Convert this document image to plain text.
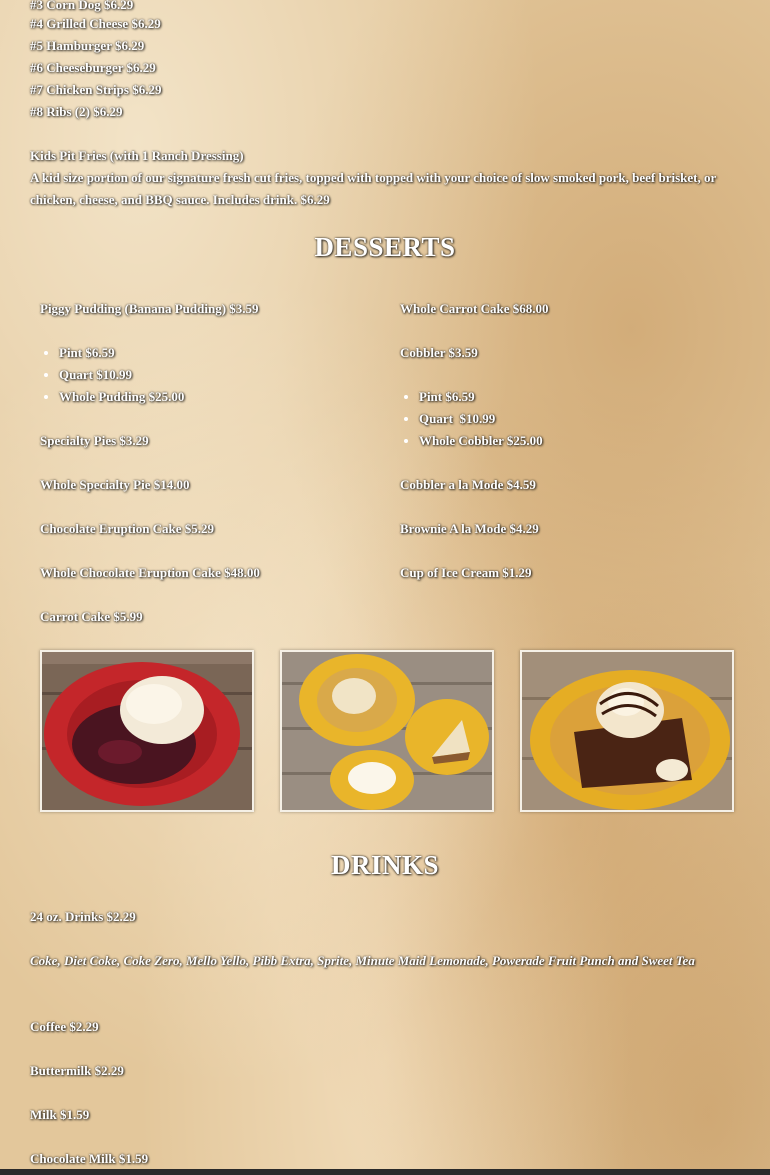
#3 Corn Dog $6.29
#4 Grilled Cheese $6.29
#5 Hamburger $6.29
#6 Cheeseburger $6.29
#7 Chicken Strips $6.29
#8 Ribs (2) $6.29
Kids Pit Fries (with 1 Ranch Dressing)
A kid size portion of our signature fresh cut fries, topped with topped with your choice of slow smoked pork, beef brisket, or chicken, cheese, and BBQ sauce. Includes drink. $6.29
DESSERTS

Piggy Pudding (Banana Pudding) $3.59

• Pint $6.59
• Quart $10.99
• Whole Pudding $25.00

Specialty Pies $3.29

Whole Specialty Pie $14.00

Chocolate Eruption Cake $5.29

Whole Chocolate Eruption Cake $48.00

Carrot Cake $5.99

Whole Carrot Cake $68.00

Cobbler $3.59

• Pint $6.59
• Quart  $10.99
• Whole Cobbler $25.00

Cobbler a la Mode $4.59

Brownie A la Mode $4.29

Cup of Ice Cream $1.29

DRINKS
24 oz. Drinks $2.29
Coke, Diet Coke, Coke Zero, Mello Yello, Pibb Extra, Sprite, Minute Maid Lemonade, Powerade Fruit Punch and Sweet Tea
Coffee $2.29
Buttermilk $2.29
Milk $1.59
Chocolate Milk $1.59
